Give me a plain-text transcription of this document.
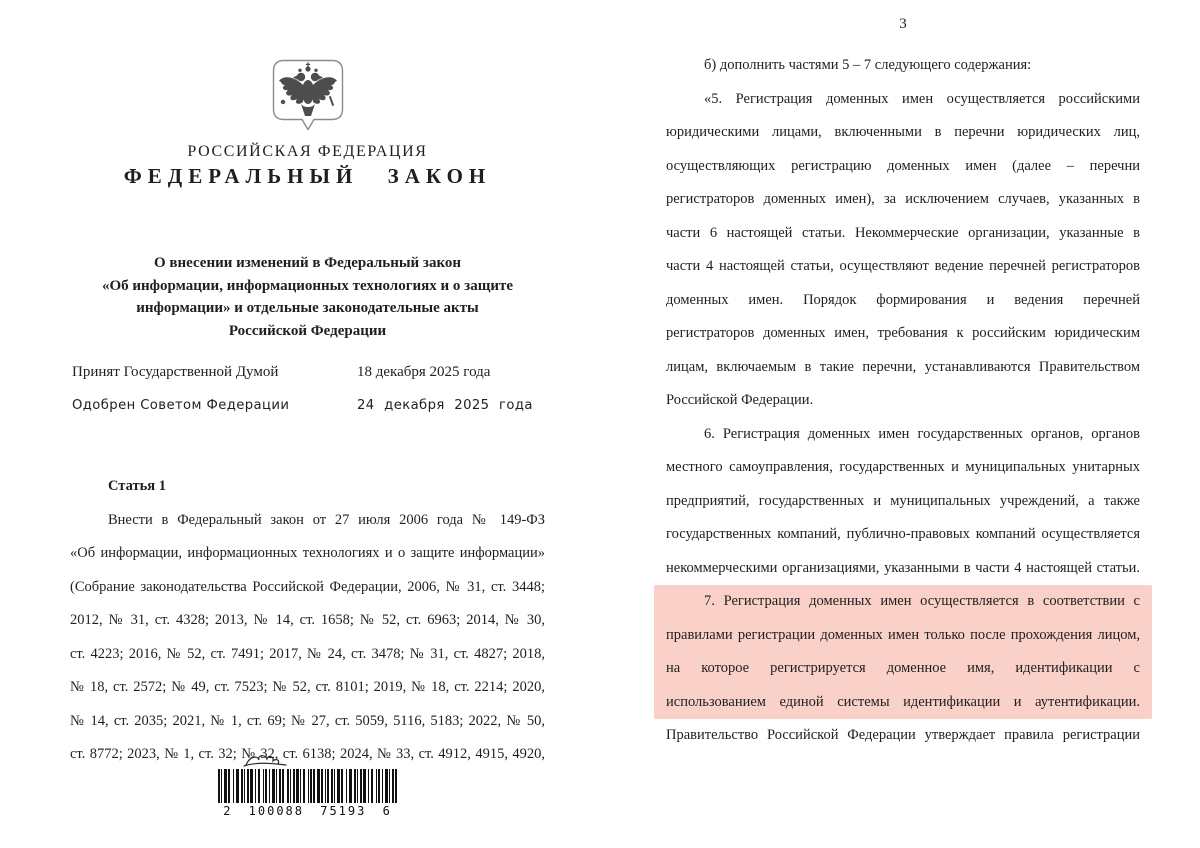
РОССИЙСКАЯ ФЕДЕРАЦИЯ
ФЕДЕРАЛЬНЫЙ ЗАКОН
О внесении изменений в Федеральный закон
«Об информации, информационных технологиях и о защите
информации» и отдельные законодательные акты
Российской Федерации
Принят Государственной Думой	18 декабря 2025 года
Одобрен Советом Федерации	24 декабря 2025 года
Статья 1
Внести в Федеральный закон от 27 июля 2006 года № 149-ФЗ
«Об информации, информационных технологиях и о защите информации»
(Собрание законодательства Российской Федерации, 2006, № 31, ст. 3448;
2012, № 31, ст. 4328; 2013, № 14, ст. 1658; № 52, ст. 6963; 2014, № 30,
ст. 4223; 2016, № 52, ст. 7491; 2017, № 24, ст. 3478; № 31, ст. 4827; 2018,
№ 18, ст. 2572; № 49, ст. 7523; № 52, ст. 8101; 2019, № 18, ст. 2214; 2020,
№ 14, ст. 2035; 2021, № 1, ст. 69; № 27, ст. 5059, 5116, 5183; 2022, № 50,
ст. 8772; 2023, № 1, ст. 32; № 32, ст. 6138; 2024, № 33, ст. 4912, 4915, 4920,
2 100088 75193 6
3
б) дополнить частями 5 – 7 следующего содержания:
«5. Регистрация доменных имен осуществляется российскими
юридическими лицами, включенными в перечни юридических лиц,
осуществляющих регистрацию доменных имен (далее – перечни
регистраторов доменных имен), за исключением случаев, указанных в
части 6 настоящей статьи. Некоммерческие организации, указанные в
части 4 настоящей статьи, осуществляют ведение перечней регистраторов
доменных имен. Порядок формирования и ведения перечней
регистраторов доменных имен, требования к российским юридическим
лицам, включаемым в такие перечни, устанавливаются Правительством
Российской Федерации.
6. Регистрация доменных имен государственных органов, органов
местного самоуправления, государственных и муниципальных унитарных
предприятий, государственных и муниципальных учреждений, а также
государственных компаний, публично-правовых компаний осуществляется
некоммерческими организациями, указанными в части 4 настоящей статьи.
7. Регистрация доменных имен осуществляется в соответствии с
правилами регистрации доменных имен только после прохождения лицом,
на которое регистрируется доменное имя, идентификации с
использованием единой системы идентификации и аутентификации.
Правительство Российской Федерации утверждает правила регистрации
